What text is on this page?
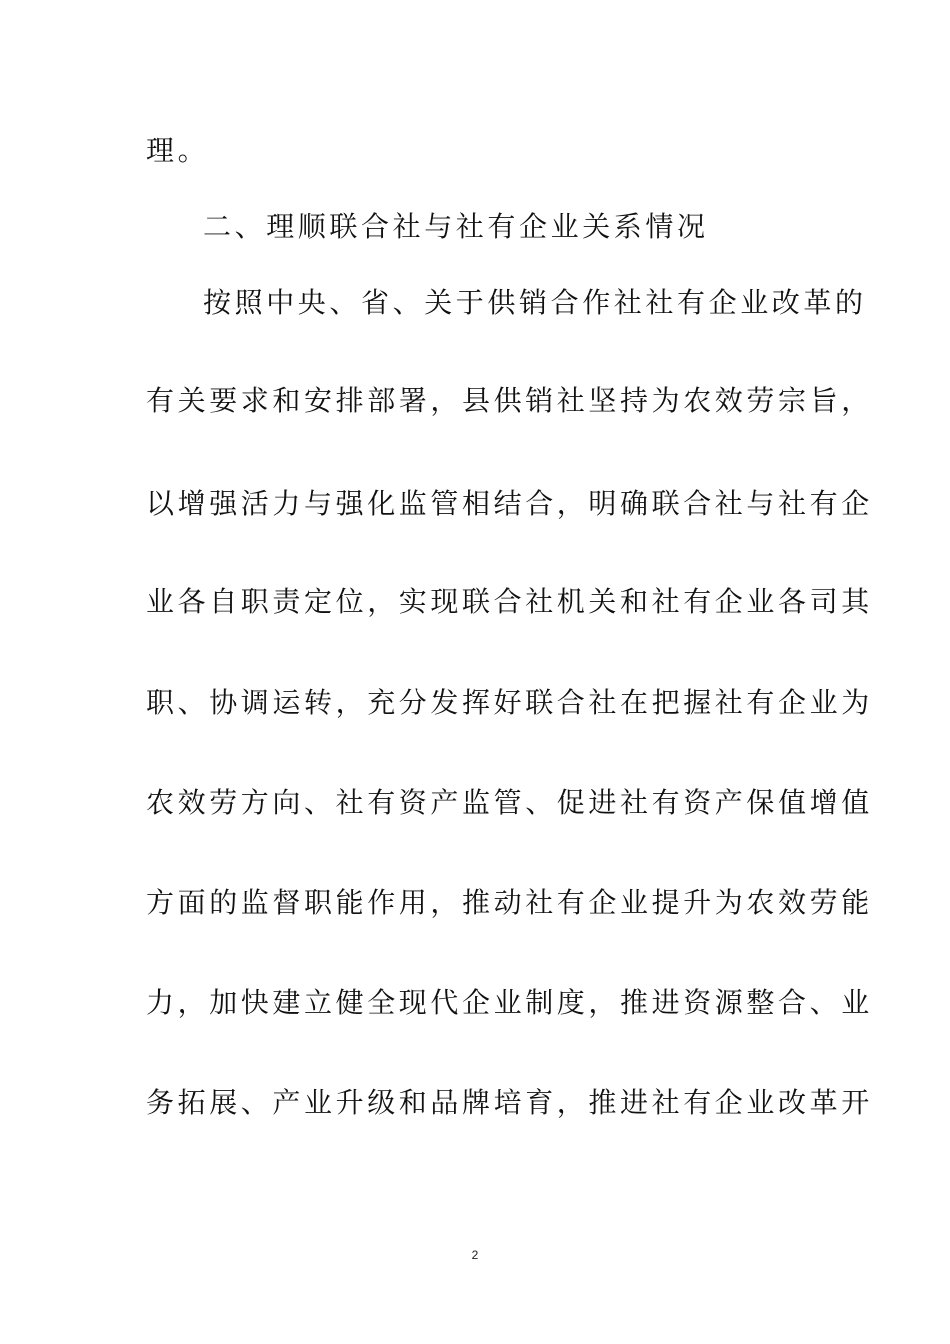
理。
二、理顺联合社与社有企业关系情况
按照中央、省、关于供销合作社社有企业改革的
有关要求和安排部署，县供销社坚持为农效劳宗旨，
以增强活力与强化监管相结合，明确联合社与社有企
业各自职责定位，实现联合社机关和社有企业各司其
职、协调运转，充分发挥好联合社在把握社有企业为
农效劳方向、社有资产监管、促进社有资产保值增值
方面的监督职能作用，推动社有企业提升为农效劳能
力，加快建立健全现代企业制度，推进资源整合、业
务拓展、产业升级和品牌培育，推进社有企业改革开
2
